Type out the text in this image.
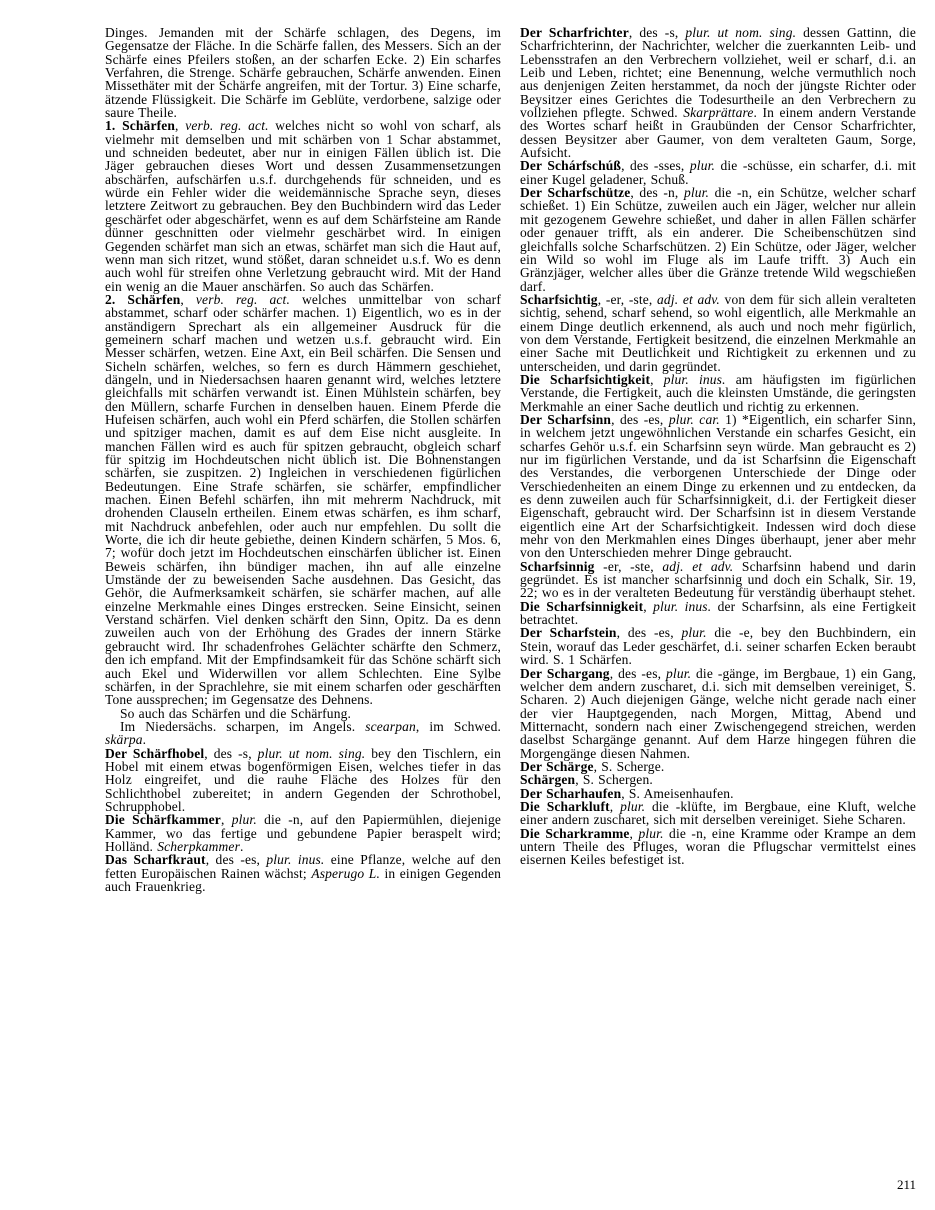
Dinges. Jemanden mit der Schärfe schlagen, des Degens, im Gegensatze der Fläche. In die Schärfe fallen, des Messers. Sich an der Schärfe eines Pfeilers stoßen, an der scharfen Ecke. 2) Ein scharfes Verfahren, die Strenge. Schärfe gebrauchen, Schärfe anwenden. Einen Missethäter mit der Schärfe angreifen, mit der Tortur. 3) Eine scharfe, ätzende Flüssigkeit. Die Schärfe im Geblüte, verdorbene, salzige oder saure Theile.

1. Schärfen, verb. reg. act. welches nicht so wohl von scharf, als vielmehr mit demselben und mit schärben von 1 Schar abstammet, und schneiden bedeutet, aber nur in einigen Fällen üblich ist. Die Jäger gebrauchen dieses Wort und dessen Zusammensetzungen abschärfen, aufschärfen u.s.f. durchgehends für schneiden, und es würde ein Fehler wider die weidemännische Sprache seyn, dieses letztere Zeitwort zu gebrauchen. Bey den Buchbindern wird das Leder geschärfet oder abgeschärfet, wenn es auf dem Schärfsteine am Rande dünner geschnitten oder vielmehr geschärbet wird. In einigen Gegenden schärfet man sich an etwas, schärfet man sich die Haut auf, wenn man sich ritzet, wund stößet, daran schneidet u.s.f. Wo es denn auch wohl für streifen ohne Verletzung gebraucht wird. Mit der Hand ein wenig an die Mauer anschärfen. So auch das Schärfen.

2. Schärfen, verb. reg. act. welches unmittelbar von scharf abstammet, scharf oder schärfer machen. 1) Eigentlich, wo es in der anständigern Sprechart als ein allgemeiner Ausdruck für die gemeinern scharf machen und wetzen u.s.f. gebraucht wird. Ein Messer schärfen, wetzen. Eine Axt, ein Beil schärfen. Die Sensen und Sicheln schärfen, welches, so fern es durch Hämmern geschiehet, dängeln, und in Niedersachsen haaren genannt wird, welches letztere gleichfalls mit schärfen verwandt ist. Einen Mühlstein schärfen, bey den Müllern, scharfe Furchen in denselben hauen. Einem Pferde die Hufeisen schärfen, auch wohl ein Pferd schärfen, die Stollen schärfen und spitziger machen, damit es auf dem Eise nicht ausgleite. In manchen Fällen wird es auch für spitzen gebraucht, obgleich scharf für spitzig im Hochdeutschen nicht üblich ist. Die Bohnenstangen schärfen, sie zuspitzen. 2) Ingleichen in verschiedenen figürlichen Bedeutungen. Eine Strafe schärfen, sie schärfer, empfindlicher machen. Einen Befehl schärfen, ihn mit mehrerm Nachdruck, mit drohenden Clauseln ertheilen. Einem etwas schärfen, es ihm scharf, mit Nachdruck anbefehlen, oder auch nur empfehlen. Du sollt die Worte, die ich dir heute gebiethe, deinen Kindern schärfen, 5 Mos. 6, 7; wofür doch jetzt im Hochdeutschen einschärfen üblicher ist. Einen Beweis schärfen, ihn bündiger machen, ihn auf alle einzelne Umstände der zu beweisenden Sache ausdehnen. Das Gesicht, das Gehör, die Aufmerksamkeit schärfen, sie schärfer machen, auf alle einzelne Merkmahle eines Dinges erstrecken. Seine Einsicht, seinen Verstand schärfen. Viel denken schärft den Sinn, Opitz. Da es denn zuweilen auch von der Erhöhung des Grades der innern Stärke gebraucht wird. Ihr schadenfrohes Gelächter schärfte den Schmerz, den ich empfand. Mit der Empfindsamkeit für das Schöne schärft sich auch Ekel und Widerwillen vor allem Schlechten. Eine Sylbe schärfen, in der Sprachlehre, sie mit einem scharfen oder geschärften Tone aussprechen; im Gegensatze des Dehnens.

So auch das Schärfen und die Schärfung.

Im Niedersächs. scharpen, im Angels. scearpan, im Schwed. skärpa.

Der Schärfhobel, des -s, plur. ut nom. sing. bey den Tischlern, ein Hobel mit einem etwas bogenförmigen Eisen, welches tiefer in das Holz eingreifet, und die rauhe Fläche des Holzes für den Schlichthobel zubereitet; in andern Gegenden der Schrothobel, Schrupphobel.

Die Schärfkammer, plur. die -n, auf den Papiermühlen, diejenige Kammer, wo das fertige und gebundene Papier beraspelt wird; Holländ. Scherpkammer.

Das Scharfkraut, des -es, plur. inus. eine Pflanze, welche auf den fetten Europäischen Rainen wächst; Asperugo L. in einigen Gegenden auch Frauenkrieg.

Der Scharfrichter, des -s, plur. ut nom. sing. dessen Gattinn, die Scharfrichterinn, der Nachrichter, welcher die zuerkannten Leib- und Lebensstrafen an den Verbrechern vollziehet, weil er scharf, d.i. an Leib und Leben, richtet; eine Benennung, welche vermuthlich noch aus denjenigen Zeiten herstammet, da noch der jüngste Richter oder Beysitzer eines Gerichtes die Todesurtheile an den Verbrechern zu vollziehen pflegte. Schwed. Skarprättare. In einem andern Verstande des Wortes scharf heißt in Graubünden der Censor Scharfrichter, dessen Beysitzer aber Gaumer, von dem veralteten Gaum, Sorge, Aufsicht.

Der Schárfschúß, des -sses, plur. die -schüsse, ein scharfer, d.i. mit einer Kugel geladener, Schuß.

Der Scharfschütze, des -n, plur. die -n, ein Schütze, welcher scharf schießet. 1) Ein Schütze, zuweilen auch ein Jäger, welcher nur allein mit gezogenem Gewehre schießet, und daher in allen Fällen schärfer oder genauer trifft, als ein anderer. Die Scheibenschützen sind gleichfalls solche Scharfschützen. 2) Ein Schütze, oder Jäger, welcher ein Wild so wohl im Fluge als im Laufe trifft. 3) Auch ein Gränzjäger, welcher alles über die Gränze tretende Wild wegschießen darf.

Scharfsichtig, -er, -ste, adj. et adv. von dem für sich allein veralteten sichtig, sehend, scharf sehend, so wohl eigentlich, alle Merkmahle an einem Dinge deutlich erkennend, als auch und noch mehr figürlich, von dem Verstande, Fertigkeit besitzend, die einzelnen Merkmahle an einer Sache mit Deutlichkeit und Richtigkeit zu erkennen und zu unterscheiden, und darin gegründet.

Die Scharfsichtigkeit, plur. inus. am häufigsten im figürlichen Verstande, die Fertigkeit, auch die kleinsten Umstände, die geringsten Merkmahle an einer Sache deutlich und richtig zu erkennen.

Der Scharfsinn, des -es, plur. car. 1) *Eigentlich, ein scharfer Sinn, in welchem jetzt ungewöhnlichen Verstande ein scharfes Gesicht, ein scharfes Gehör u.s.f. ein Scharfsinn seyn würde. Man gebraucht es 2) nur im figürlichen Verstande, und da ist Scharfsinn die Eigenschaft des Verstandes, die verborgenen Unterschiede der Dinge oder Verschiedenheiten an einem Dinge zu erkennen und zu entdecken, da es denn zuweilen auch für Scharfsinnigkeit, d.i. der Fertigkeit dieser Eigenschaft, gebraucht wird. Der Scharfsinn ist in diesem Verstande eigentlich eine Art der Scharfsichtigkeit. Indessen wird doch diese mehr von den Merkmahlen eines Dinges überhaupt, jener aber mehr von den Unterschieden mehrer Dinge gebraucht.

Scharfsinnig -er, -ste, adj. et adv. Scharfsinn habend und darin gegründet. Es ist mancher scharfsinnig und doch ein Schalk, Sir. 19, 22; wo es in der veralteten Bedeutung für verständig überhaupt stehet.

Die Scharfsinnigkeit, plur. inus. der Scharfsinn, als eine Fertigkeit betrachtet.

Der Scharfstein, des -es, plur. die -e, bey den Buchbindern, ein Stein, worauf das Leder geschärfet, d.i. seiner scharfen Ecken beraubt wird. S. 1 Schärfen.

Der Schargang, des -es, plur. die -gänge, im Bergbaue, 1) ein Gang, welcher dem andern zuscharet, d.i. sich mit demselben vereiniget, S. Scharen. 2) Auch diejenigen Gänge, welche nicht gerade nach einer der vier Hauptgegenden, nach Morgen, Mittag, Abend und Mitternacht, sondern nach einer Zwischengegend streichen, werden daselbst Schargänge genannt. Auf dem Harze hingegen führen die Morgengänge diesen Nahmen.

Der Schärge, S. Scherge.

Schärgen, S. Schergen.

Der Scharhaufen, S. Ameisenhaufen.

Die Scharkluft, plur. die -klüfte, im Bergbaue, eine Kluft, welche einer andern zuscharet, sich mit derselben vereiniget. Siehe Scharen.

Die Scharkramme, plur. die -n, eine Kramme oder Krampe an dem untern Theile des Pfluges, woran die Pflugschar vermittelst eines eisernen Keiles befestiget ist.

211
